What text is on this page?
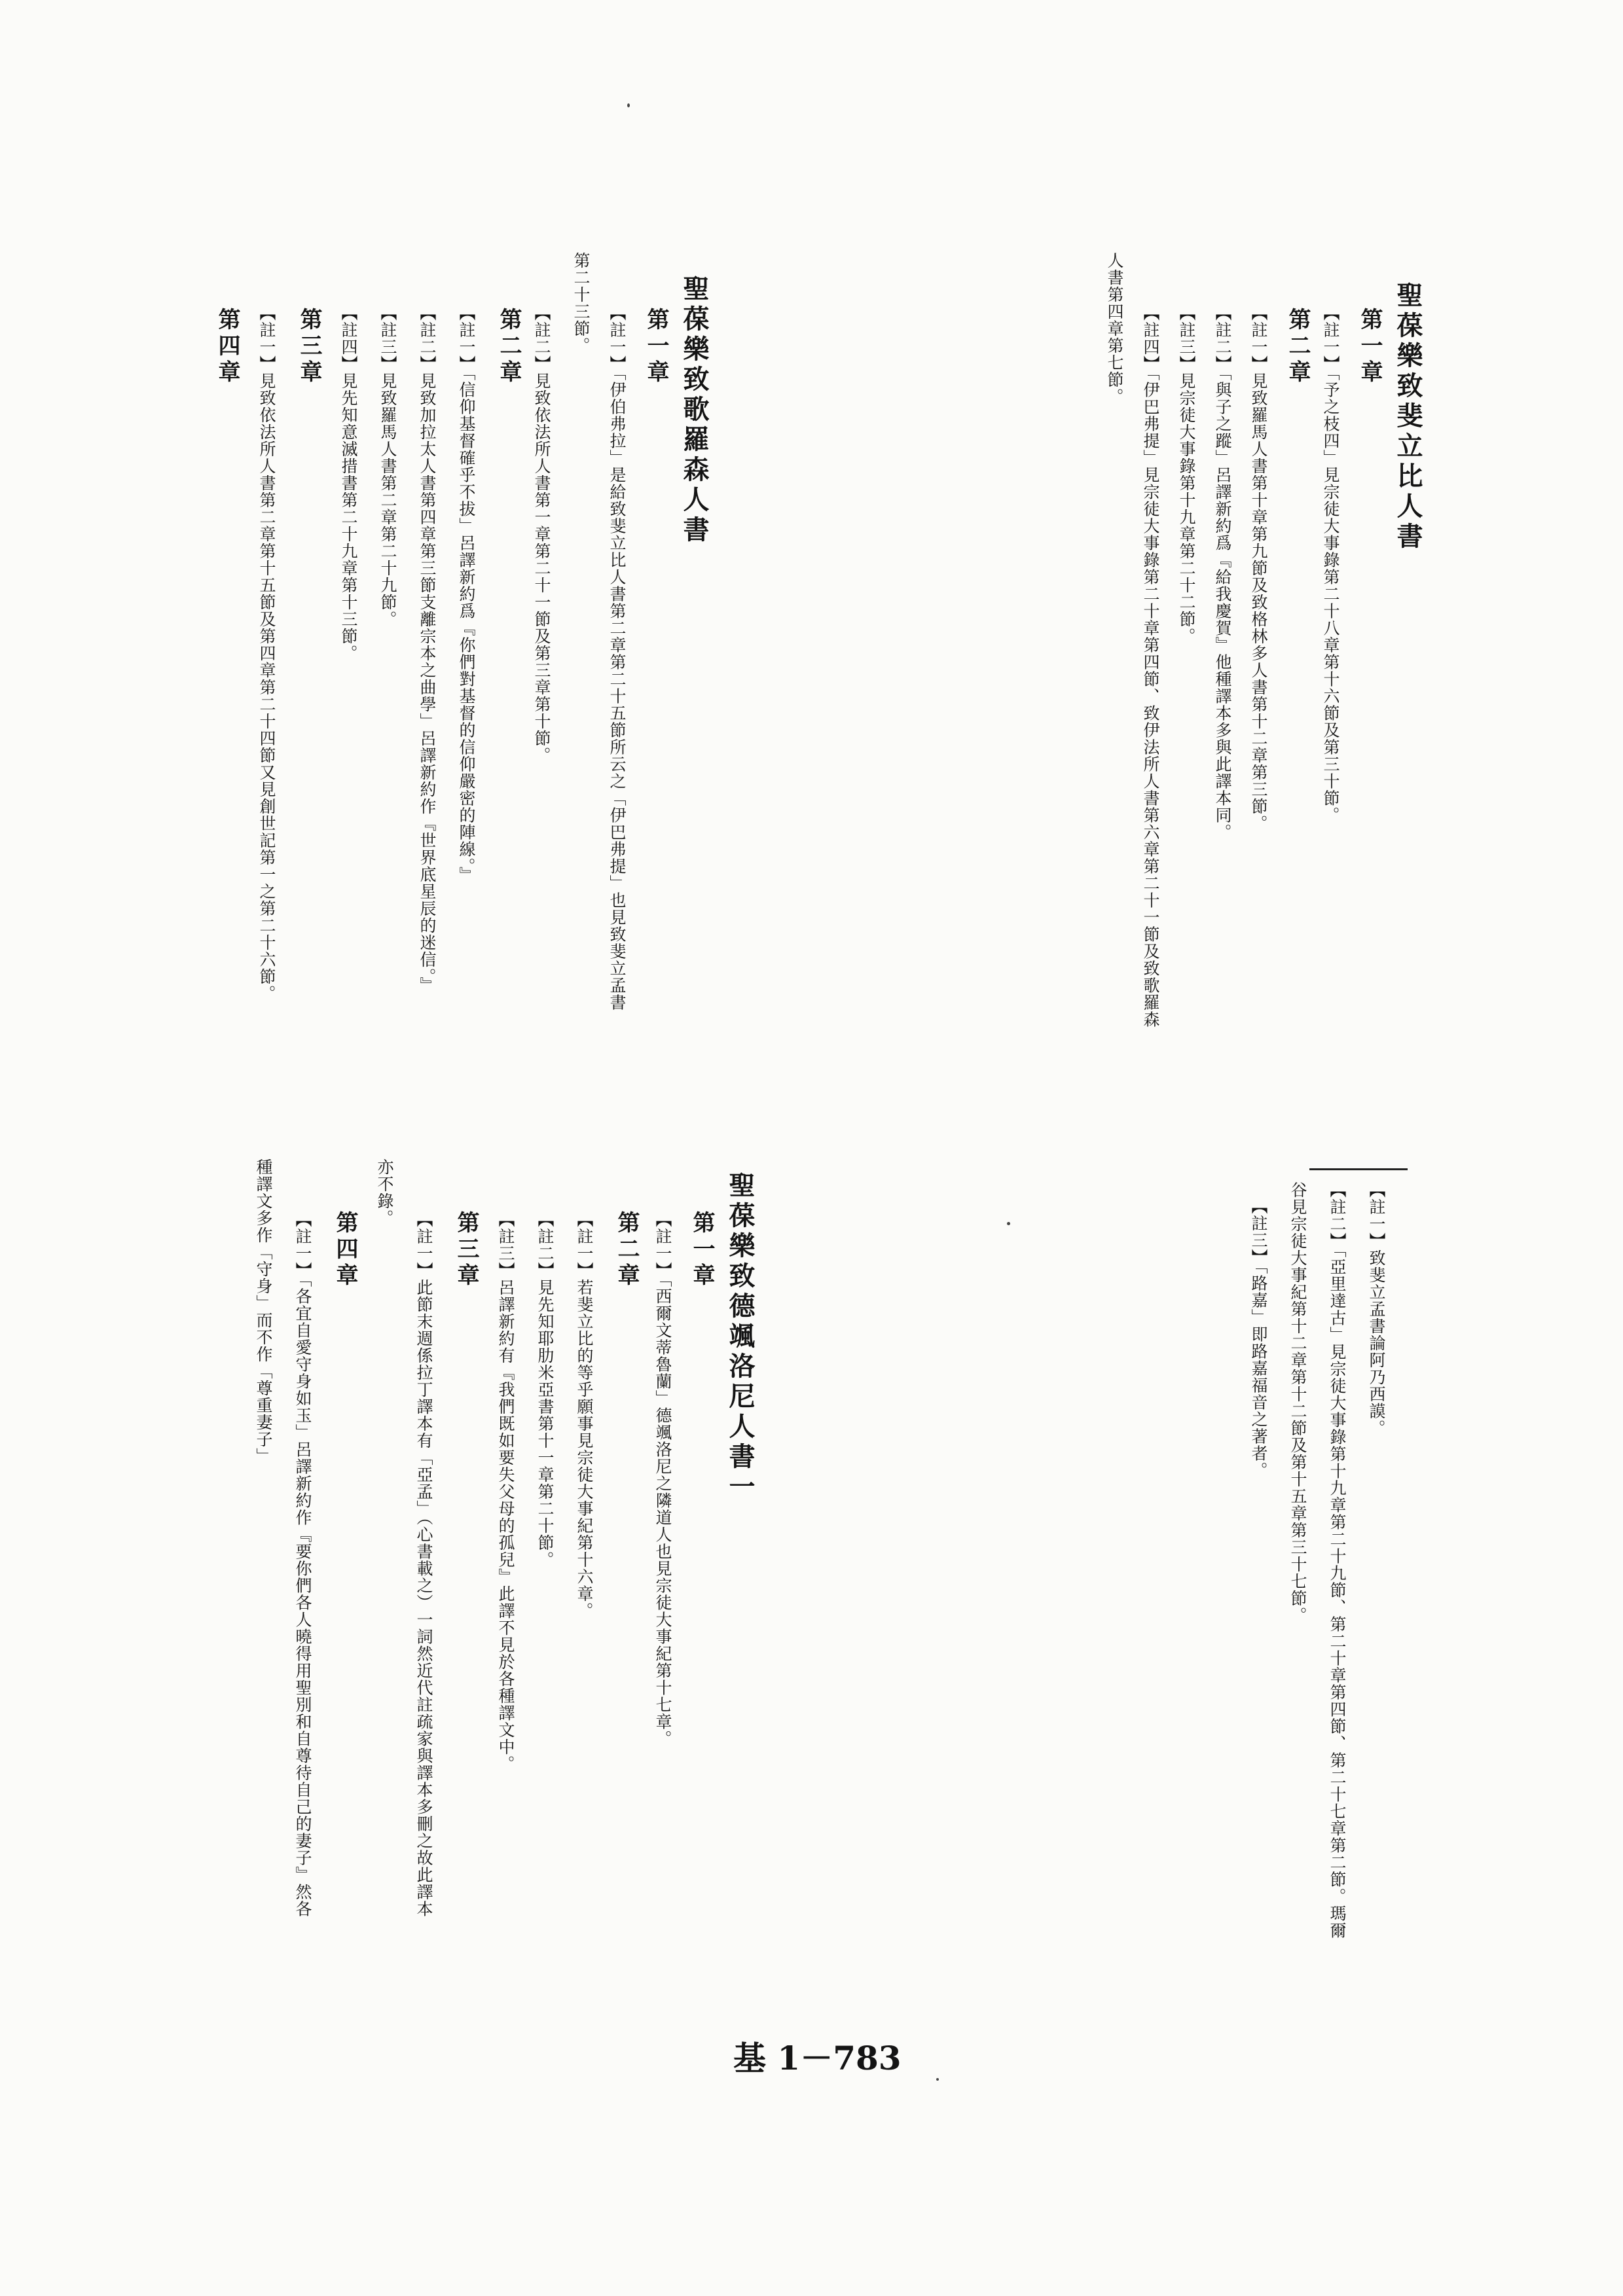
聖葆樂致斐立比人書
第一章
【註一】「予之枝四」見宗徒大事錄第二十八章第十六節及第三十節。
第二章
【註一】見致羅馬人書第十章第九節及致格林多人書第十二章第三節。
【註二】「與子之蹤」呂譯新約爲『給我慶賀』他種譯本多與此譯本同。
【註三】見宗徒大事錄第十九章第二十二節。
【註四】「伊巴弗提」見宗徒大事錄第二十章第四節、致伊法所人書第六章第二十一節及致歌羅森
人書第四章第七節。
聖葆樂致歌羅森人書
第一章
【註一】「伊伯弗拉」是給致斐立比人書第二章第二十五節所云之「伊巴弗提」也見致斐立孟書
第二十三節。
【註二】見致依法所人書第一章第二十一節及第三章第十節。
第二章
【註一】「信仰基督確乎不拔」呂譯新約爲『你們對基督的信仰嚴密的陣線。』
【註二】見致加拉太人書第四章第三節支離宗本之曲學」呂譯新約作『世界底星辰的迷信。』
【註三】見致羅馬人書第二章第二十九節。
【註四】見先知意滅措書第二十九章第十三節。
第三章
【註一】見致依法所人書第二章第十五節及第四章第二十四節又見創世記第一之第二十六節。
第四章
【註一】致斐立孟書論阿乃西謨。
【註二】「亞里達古」見宗徒大事錄第十九章第二十九節、第二十章第四節、第二十七章第二節。瑪爾
谷見宗徒大事紀第十二章第十二節及第十五章第三十七節。
【註三】「路嘉」即路嘉福音之著者。
聖葆樂致德颯洛尼人書一
第一章
【註一】「西爾文蒂魯蘭」德颯洛尼之隣道人也見宗徒大事紀第十七章。
第二章
【註一】若斐立比的等乎願事見宗徒大事紀第十六章。
【註二】見先知耶肋米亞書第十一章第二十節。
【註三】呂譯新約有『我們既如要失父母的孤兒』此譯不見於各種譯文中。
第三章
【註一】此節末週係拉丁譯本有「亞孟」（心書載之）一詞然近代註疏家與譯本多刪之故此譯本
亦不錄。
第四章
【註一】「各宜自愛守身如玉」呂譯新約作『要你們各人曉得用聖別和自尊待自己的妻子』然各
種譯文多作「守身」而不作「尊重妻子」
基 1－783
